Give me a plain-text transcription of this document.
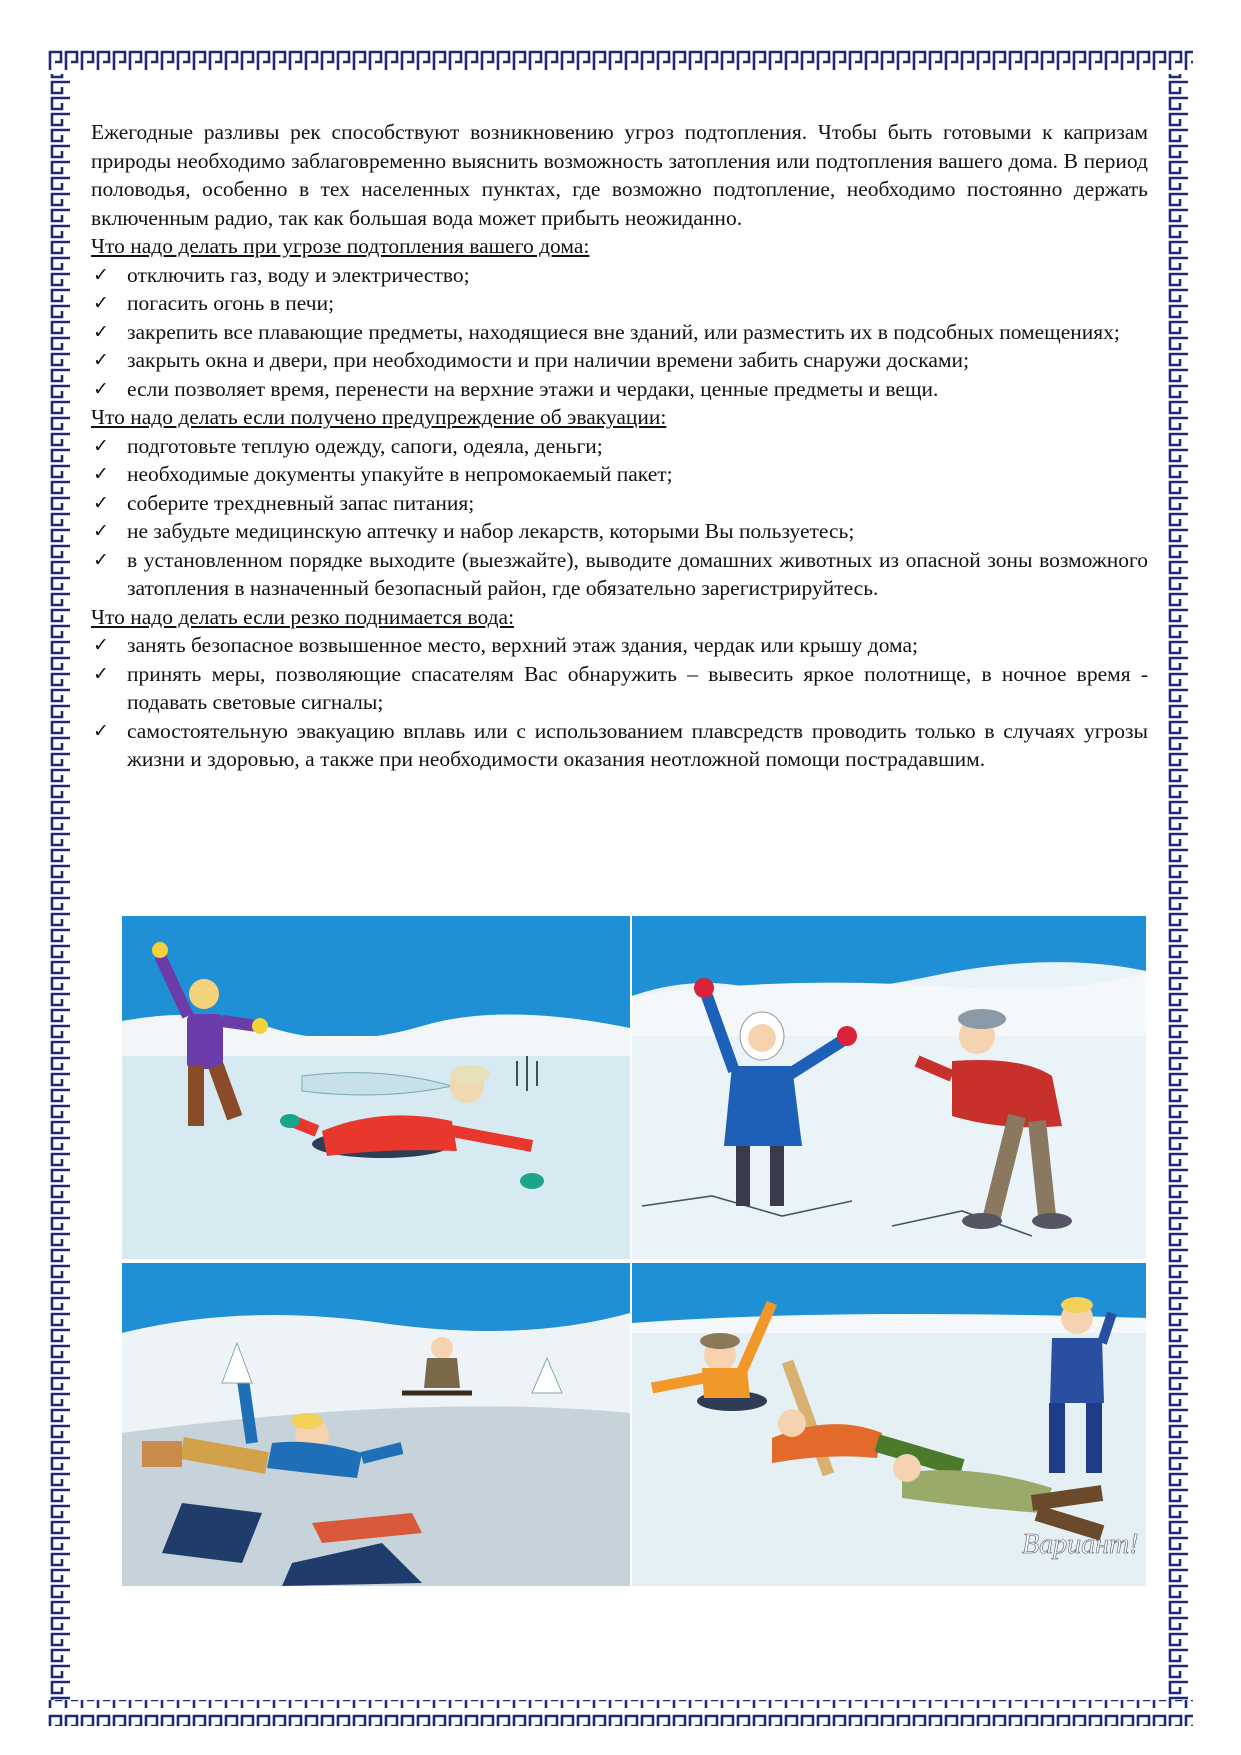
Ежегодные разливы рек способствуют возникновению угроз подтопления. Чтобы быть готовыми к капризам природы необходимо заблаговременно выяснить возможность затопления или подтопления вашего дома. В период половодья, особенно в тех населенных пунктах, где возможно подтопление, необходимо постоянно держать включенным радио, так как большая вода может прибыть неожиданно.

Что надо делать при угрозе подтопления вашего дома:

✓ отключить газ, воду и электричество;
✓ погасить огонь в печи;
✓ закрепить все плавающие предметы, находящиеся вне зданий, или разместить их в подсобных помещениях;
✓ закрыть окна и двери, при необходимости и при наличии времени забить снаружи досками;
✓ если позволяет время, перенести на верхние этажи и чердаки, ценные предметы и вещи.

Что надо делать если получено предупреждение об эвакуации:

✓ подготовьте теплую одежду, сапоги, одеяла, деньги;
✓ необходимые документы упакуйте в непромокаемый пакет;
✓ соберите трехдневный запас питания;
✓ не забудьте медицинскую аптечку и набор лекарств, которыми Вы пользуетесь;
✓ в установленном порядке выходите (выезжайте), выводите домашних животных из опасной зоны возможного затопления в назначенный безопасный район, где обязательно зарегистрируйтесь.

Что надо делать если резко поднимается вода:

✓ занять безопасное возвышенное место, верхний этаж здания, чердак или крышу дома;
✓ принять меры, позволяющие спасателям Вас обнаружить – вывесить яркое полотнище, в ночное время - подавать световые сигналы;
✓ самостоятельную эвакуацию вплавь или с использованием плавсредств проводить только в случаях угрозы жизни и здоровью, а также при необходимости оказания неотложной помощи пострадавшим.
Вариант!
